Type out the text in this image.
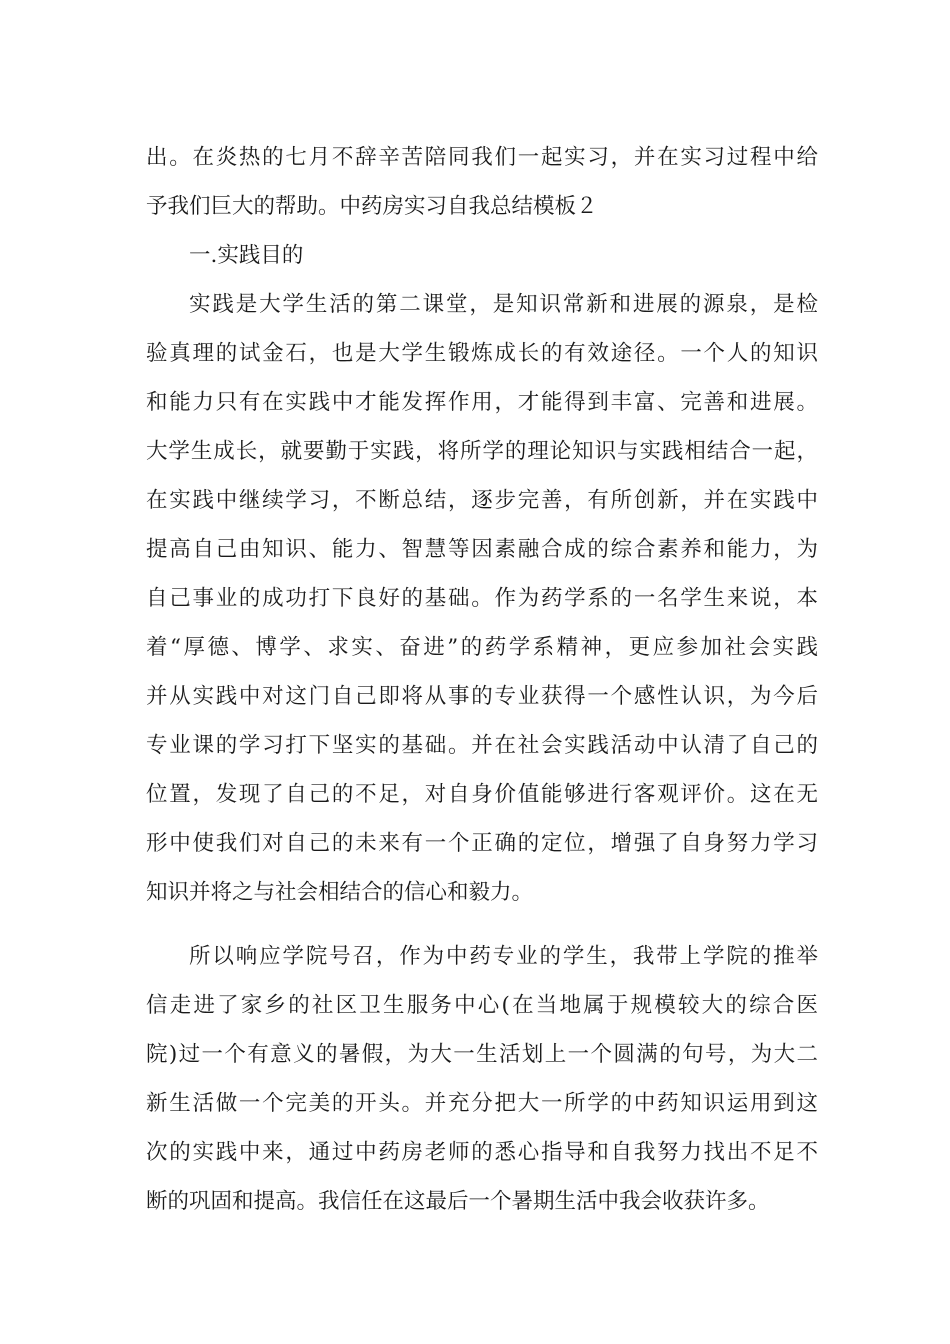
出。在炎热的七月不辞辛苦陪同我们一起实习，并在实习过程中给
予我们巨大的帮助。中药房实习自我总结模板２
一.实践目的
实践是大学生活的第二课堂，是知识常新和进展的源泉，是检
验真理的试金石，也是大学生锻炼成长的有效途径。一个人的知识
和能力只有在实践中才能发挥作用，才能得到丰富、完善和进展。
大学生成长，就要勤于实践，将所学的理论知识与实践相结合一起，
在实践中继续学习，不断总结，逐步完善，有所创新，并在实践中
提高自己由知识、能力、智慧等因素融合成的综合素养和能力，为
自己事业的成功打下良好的基础。作为药学系的一名学生来说，本
着“厚德、博学、求实、奋进”的药学系精神，更应参加社会实践
并从实践中对这门自己即将从事的专业获得一个感性认识，为今后
专业课的学习打下坚实的基础。并在社会实践活动中认清了自己的
位置，发现了自己的不足，对自身价值能够进行客观评价。这在无
形中使我们对自己的未来有一个正确的定位，增强了自身努力学习
知识并将之与社会相结合的信心和毅力。
所以响应学院号召，作为中药专业的学生，我带上学院的推举
信走进了家乡的社区卫生服务中心(在当地属于规模较大的综合医
院)过一个有意义的暑假，为大一生活划上一个圆满的句号，为大二
新生活做一个完美的开头。并充分把大一所学的中药知识运用到这
次的实践中来，通过中药房老师的悉心指导和自我努力找出不足不
断的巩固和提高。我信任在这最后一个暑期生活中我会收获许多。
